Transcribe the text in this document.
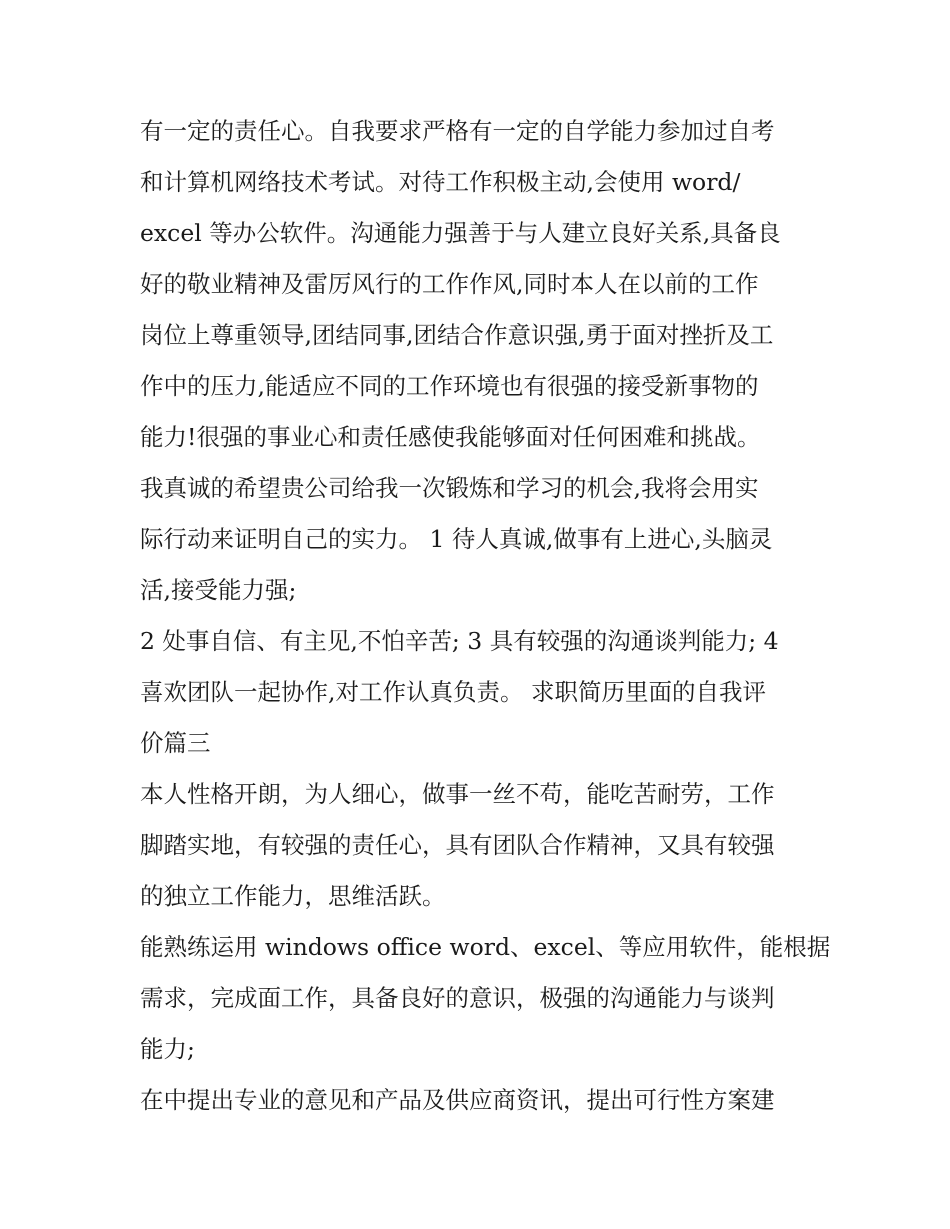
有一定的责任心。自我要求严格有一定的自学能力参加过自考
和计算机网络技术考试。对待工作积极主动,会使用 word/
excel 等办公软件。沟通能力强善于与人建立良好关系,具备良
好的敬业精神及雷厉风行的工作作风,同时本人在以前的工作
岗位上尊重领导,团结同事,团结合作意识强,勇于面对挫折及工
作中的压力,能适应不同的工作环境也有很强的接受新事物的
能力!很强的事业心和责任感使我能够面对任何困难和挑战。
我真诚的希望贵公司给我一次锻炼和学习的机会,我将会用实
际行动来证明自己的实力。 1 待人真诚,做事有上进心,头脑灵
活,接受能力强;
2 处事自信、有主见,不怕辛苦; 3 具有较强的沟通谈判能力; 4
喜欢团队一起协作,对工作认真负责。 求职简历里面的自我评
价篇三
本人性格开朗，为人细心，做事一丝不苟，能吃苦耐劳，工作
脚踏实地，有较强的责任心，具有团队合作精神，又具有较强
的独立工作能力，思维活跃。
能熟练运用 windows office word、excel、等应用软件，能根据
需求，完成面工作，具备良好的意识，极强的沟通能力与谈判
能力;
在中提出专业的意见和产品及供应商资讯，提出可行性方案建
